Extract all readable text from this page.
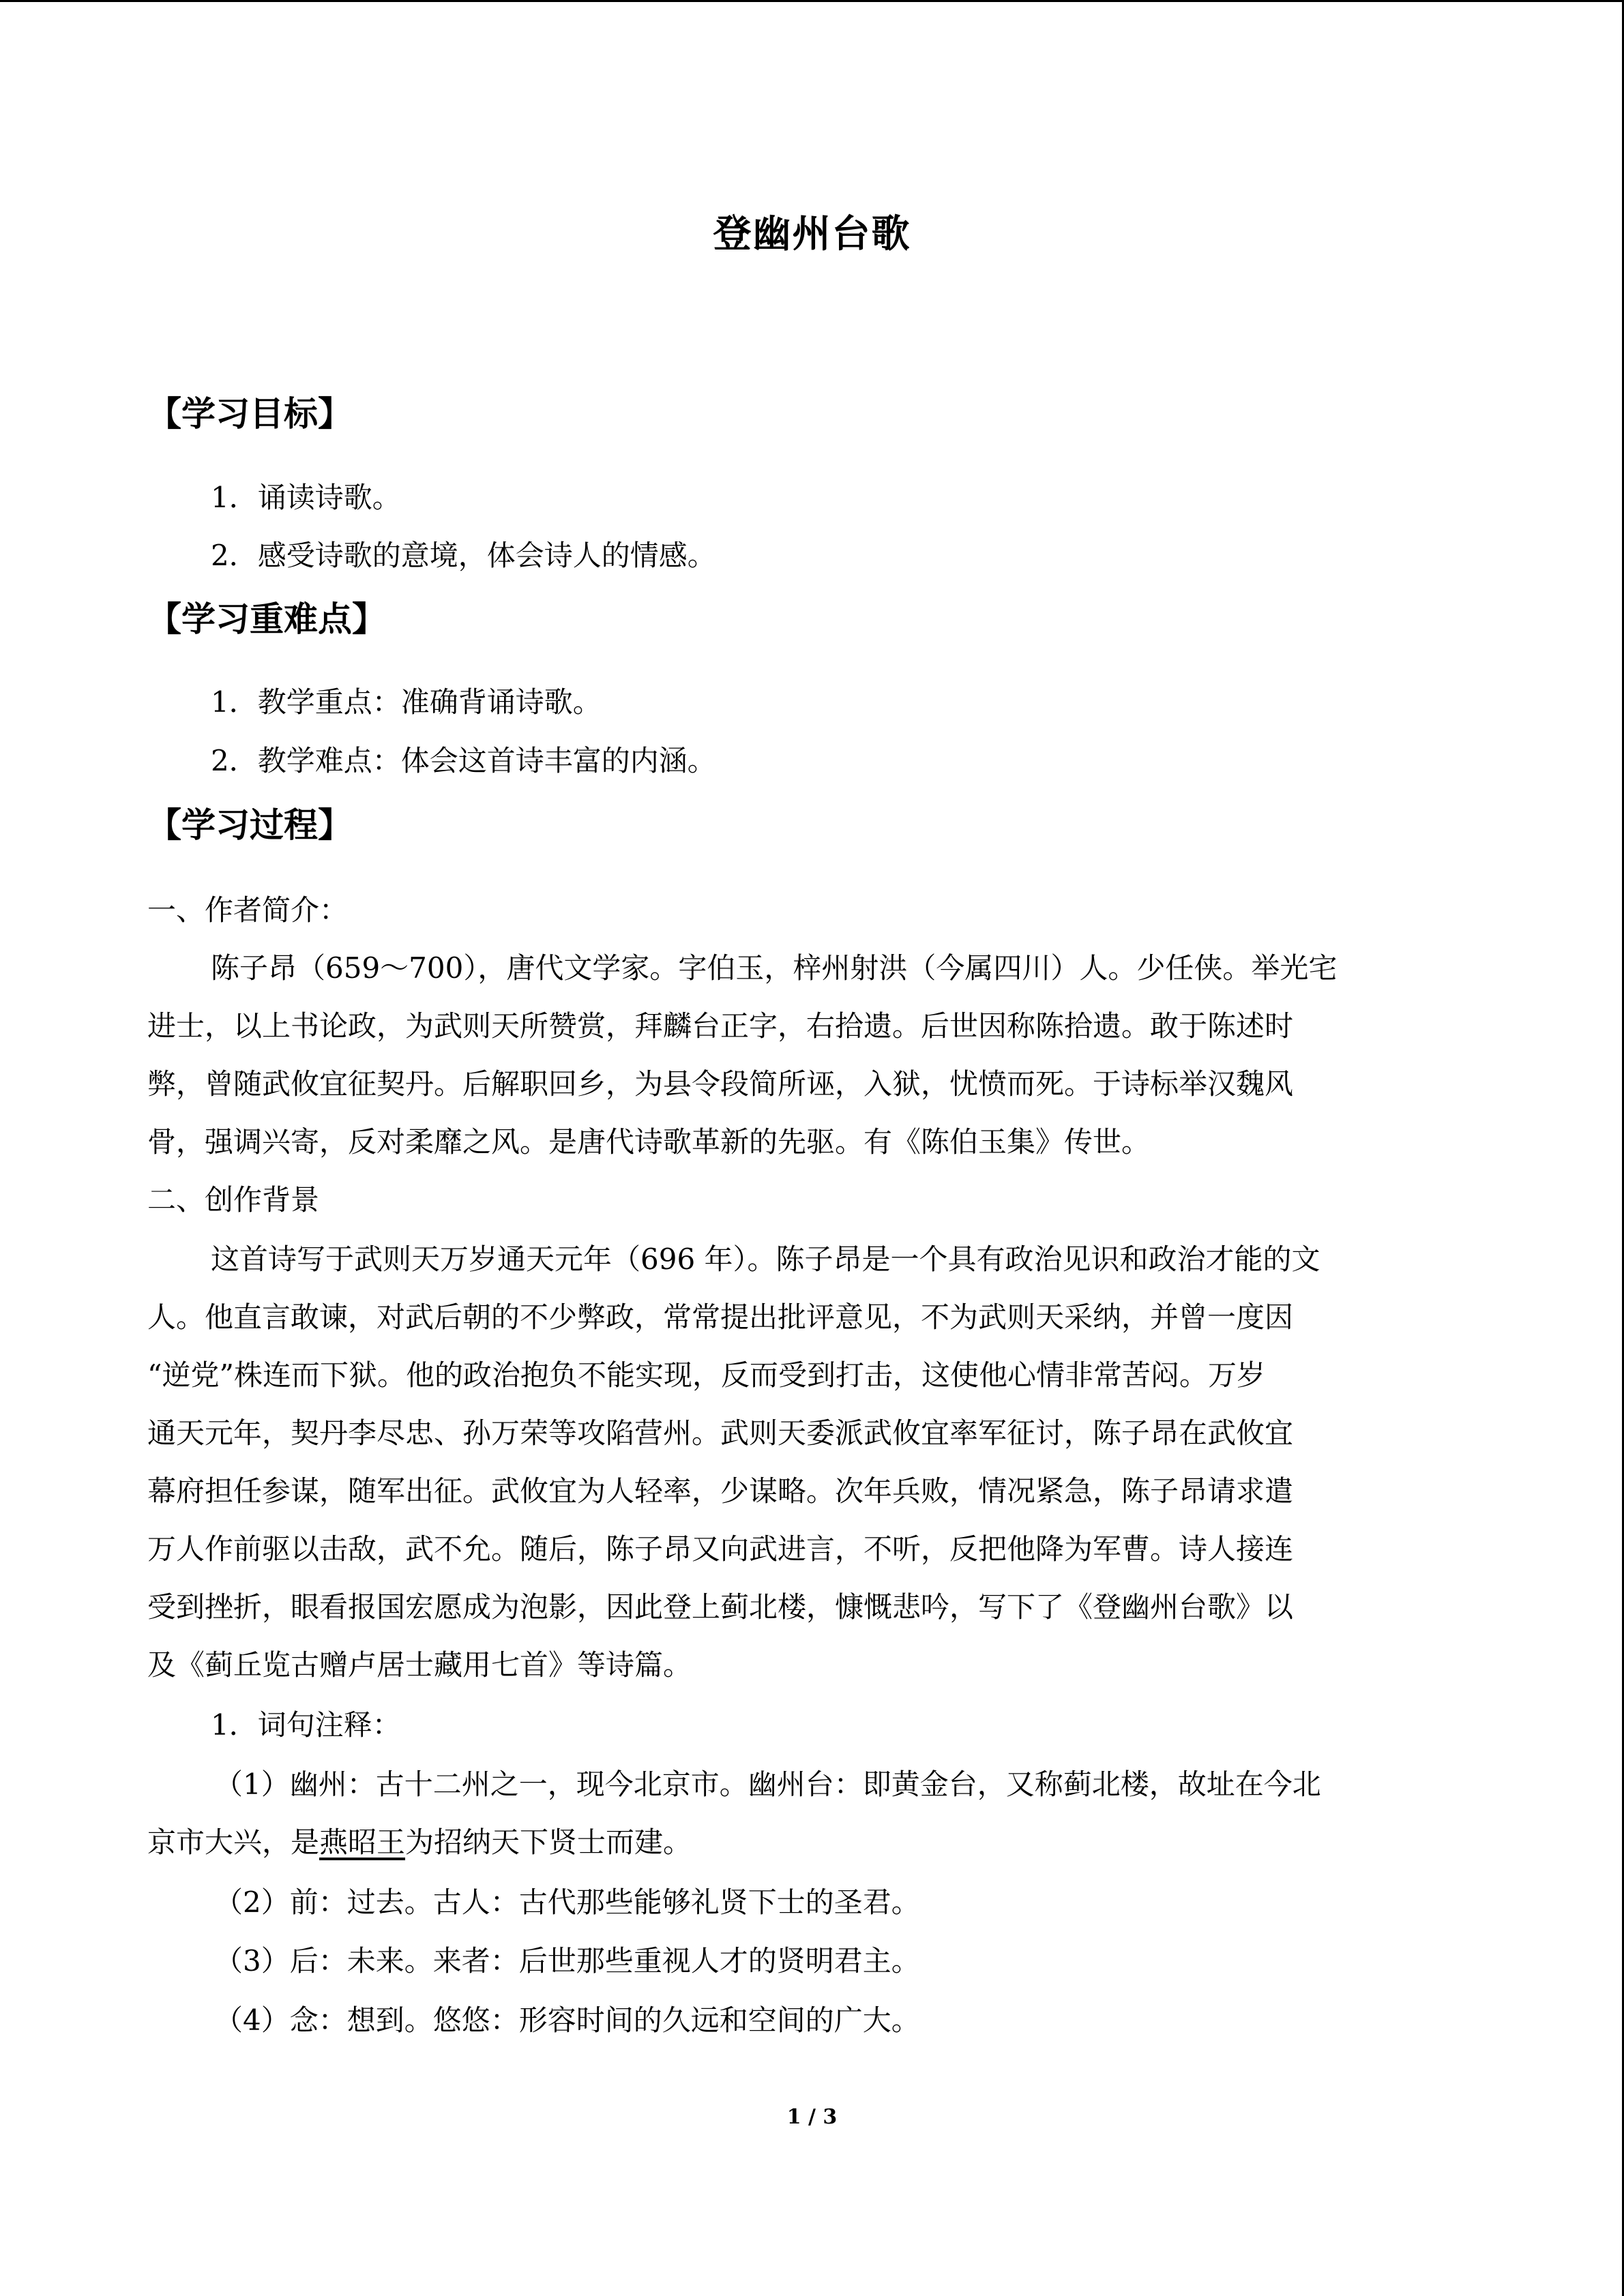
登幽州台歌
【学习目标】
1．诵读诗歌。
2．感受诗歌的意境，体会诗人的情感。
【学习重难点】
1．教学重点：准确背诵诗歌。
2．教学难点：体会这首诗丰富的内涵。
【学习过程】
一、作者简介：
陈子昂（659～700），唐代文学家。字伯玉，梓州射洪（今属四川）人。少任侠。举光宅
进士，以上书论政，为武则天所赞赏，拜麟台正字，右拾遗。后世因称陈拾遗。敢于陈述时
弊，曾随武攸宜征契丹。后解职回乡，为县令段简所诬，入狱，忧愤而死。于诗标举汉魏风
骨，强调兴寄，反对柔靡之风。是唐代诗歌革新的先驱。有《陈伯玉集》传世。
二、创作背景
这首诗写于武则天万岁通天元年（696 年）。陈子昂是一个具有政治见识和政治才能的文
人。他直言敢谏，对武后朝的不少弊政，常常提出批评意见，不为武则天采纳，并曾一度因
“逆党”株连而下狱。他的政治抱负不能实现，反而受到打击，这使他心情非常苦闷。万岁
通天元年，契丹李尽忠、孙万荣等攻陷营州。武则天委派武攸宜率军征讨，陈子昂在武攸宜
幕府担任参谋，随军出征。武攸宜为人轻率，少谋略。次年兵败，情况紧急，陈子昂请求遣
万人作前驱以击敌，武不允。随后，陈子昂又向武进言，不听，反把他降为军曹。诗人接连
受到挫折，眼看报国宏愿成为泡影，因此登上蓟北楼，慷慨悲吟，写下了《登幽州台歌》以
及《蓟丘览古赠卢居士藏用七首》等诗篇。
1．词句注释：
（1）幽州：古十二州之一，现今北京市。幽州台：即黄金台，又称蓟北楼，故址在今北
京市大兴，是燕昭王为招纳天下贤士而建。
（2）前：过去。古人：古代那些能够礼贤下士的圣君。
（3）后：未来。来者：后世那些重视人才的贤明君主。
（4）念：想到。悠悠：形容时间的久远和空间的广大。
1 / 3
